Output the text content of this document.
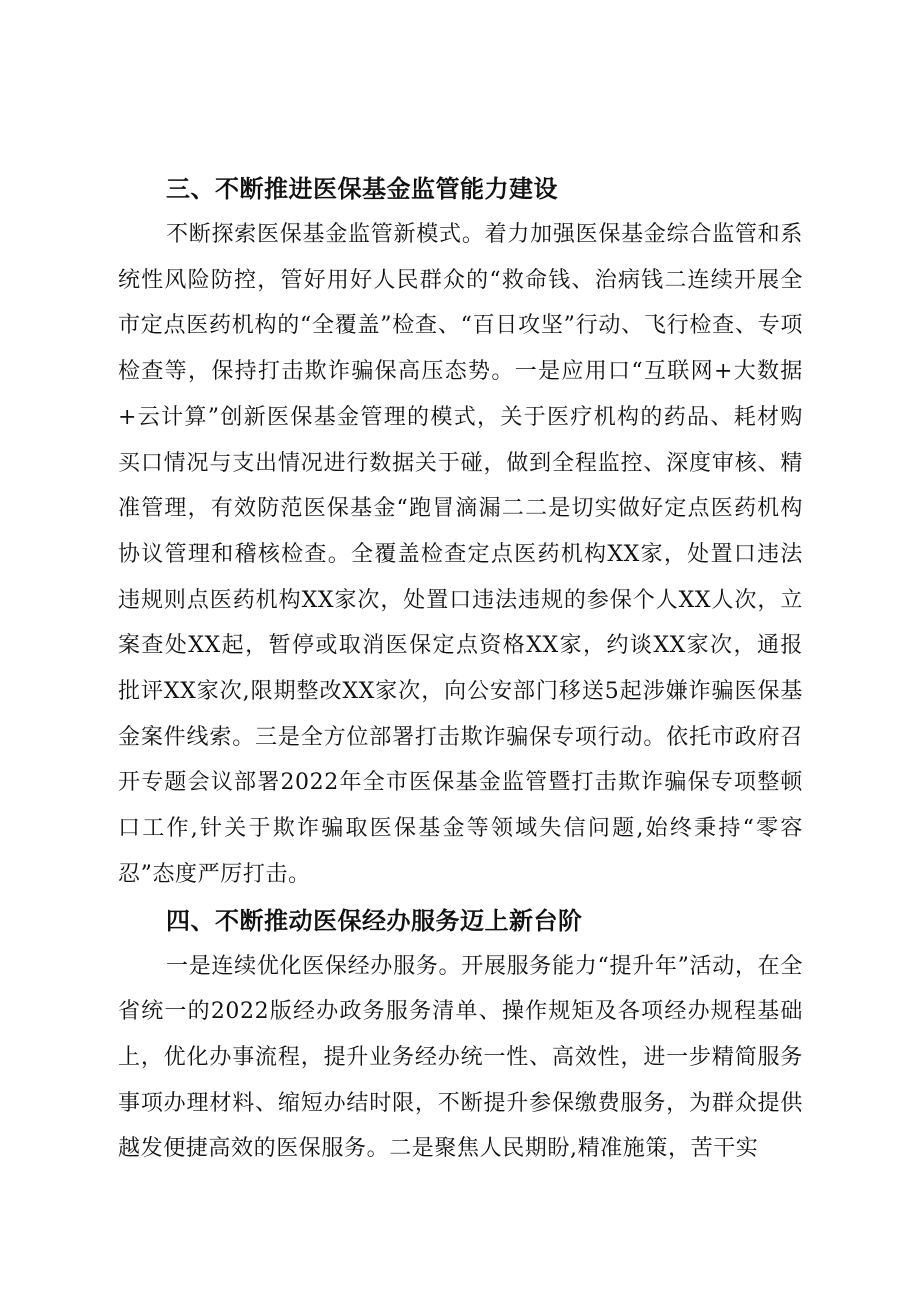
三、不断推进医保基金监管能力建设

不断探索医保基金监管新模式。着力加强医保基金综合监管和系统性风险防控，管好用好人民群众的“救命钱、治病钱二连续开展全市定点医药机构的“全覆盖”检查、“百日攻坚”行动、飞行检查、专项检查等，保持打击欺诈骗保高压态势。一是应用口“互联网+大数据+云计算”创新医保基金管理的模式，关于医疗机构的药品、耗材购买口情况与支出情况进行数据关于碰，做到全程监控、深度审核、精准管理，有效防范医保基金“跑冒滴漏二二是切实做好定点医药机构协议管理和稽核检查。全覆盖检查定点医药机构XX家，处置口违法违规则点医药机构XX家次，处置口违法违规的参保个人XX人次，立案查处XX起，暂停或取消医保定点资格XX家，约谈XX家次，通报批评XX家次,限期整改XX家次，向公安部门移送5起涉嫌诈骗医保基金案件线索。三是全方位部署打击欺诈骗保专项行动。依托市政府召开专题会议部署2022年全市医保基金监管暨打击欺诈骗保专项整顿口工作,针关于欺诈骗取医保基金等领域失信问题,始终秉持“零容忍”态度严厉打击。

四、不断推动医保经办服务迈上新台阶

一是连续优化医保经办服务。开展服务能力“提升年”活动，在全省统一的2022版经办政务服务清单、操作规矩及各项经办规程基础上，优化办事流程，提升业务经办统一性、高效性，进一步精简服务事项办理材料、缩短办结时限，不断提升参保缴费服务，为群众提供越发便捷高效的医保服务。二是聚焦人民期盼,精准施策，苦干实
